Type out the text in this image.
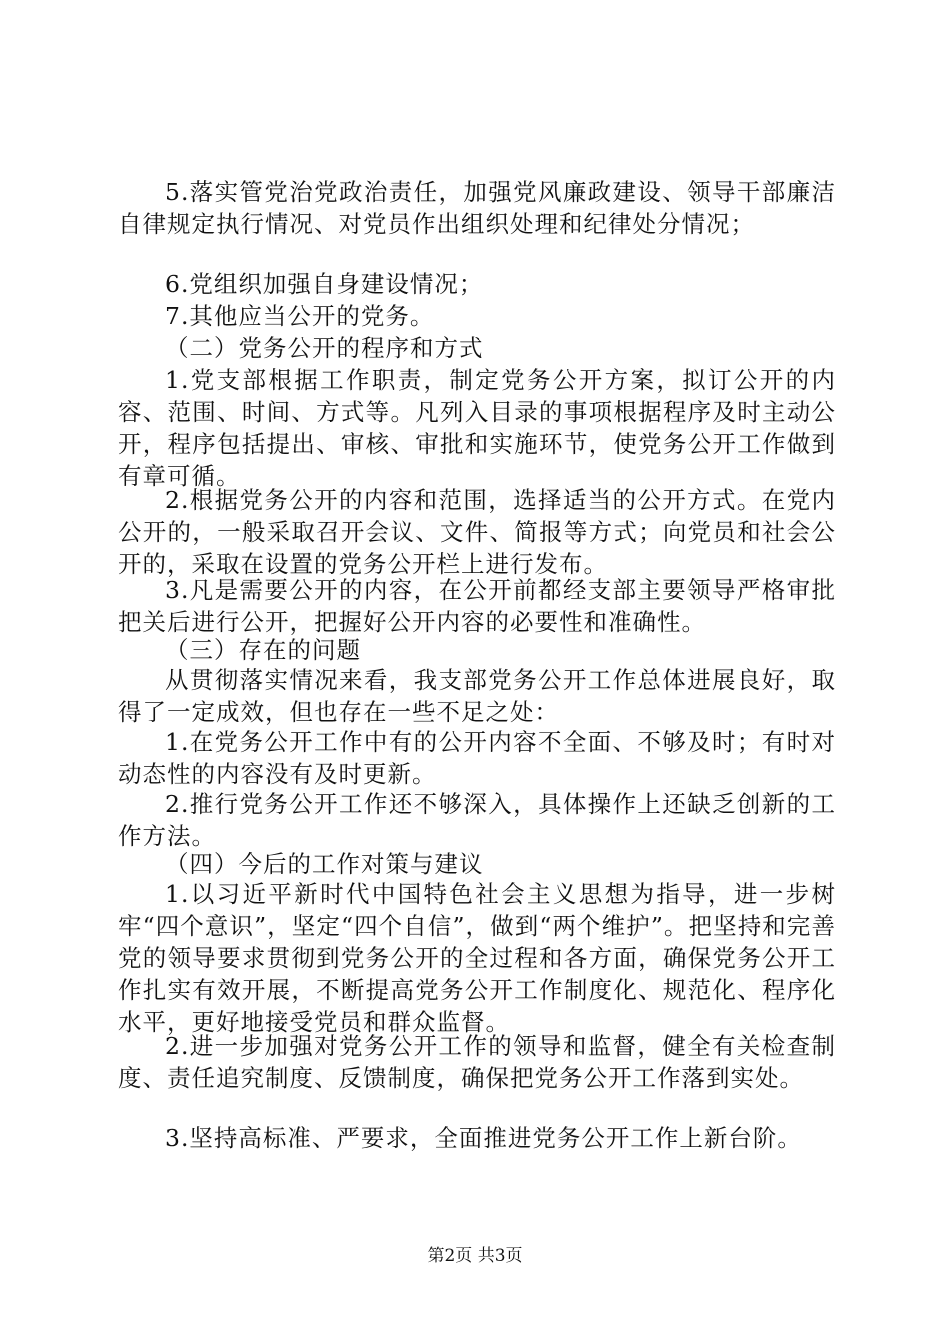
5.落实管党治党政治责任，加强党风廉政建设、领导干部廉洁自律规定执行情况、对党员作出组织处理和纪律处分情况；

6.党组织加强自身建设情况；

7.其他应当公开的党务。

（二）党务公开的程序和方式

1.党支部根据工作职责，制定党务公开方案，拟订公开的内容、范围、时间、方式等。凡列入目录的事项根据程序及时主动公开，程序包括提出、审核、审批和实施环节，使党务公开工作做到有章可循。

2.根据党务公开的内容和范围，选择适当的公开方式。在党内公开的，一般采取召开会议、文件、简报等方式；向党员和社会公开的，采取在设置的党务公开栏上进行发布。

3.凡是需要公开的内容，在公开前都经支部主要领导严格审批把关后进行公开，把握好公开内容的必要性和准确性。

（三）存在的问题

从贯彻落实情况来看，我支部党务公开工作总体进展良好，取得了一定成效，但也存在一些不足之处：

1.在党务公开工作中有的公开内容不全面、不够及时；有时对动态性的内容没有及时更新。

2.推行党务公开工作还不够深入，具体操作上还缺乏创新的工作方法。

（四）今后的工作对策与建议

1.以习近平新时代中国特色社会主义思想为指导，进一步树牢“四个意识”，坚定“四个自信”，做到“两个维护”。把坚持和完善党的领导要求贯彻到党务公开的全过程和各方面，确保党务公开工作扎实有效开展，不断提高党务公开工作制度化、规范化、程序化水平，更好地接受党员和群众监督。

2.进一步加强对党务公开工作的领导和监督，健全有关检查制度、责任追究制度、反馈制度，确保把党务公开工作落到实处。

3.坚持高标准、严要求，全面推进党务公开工作上新台阶。

第2页 共3页
